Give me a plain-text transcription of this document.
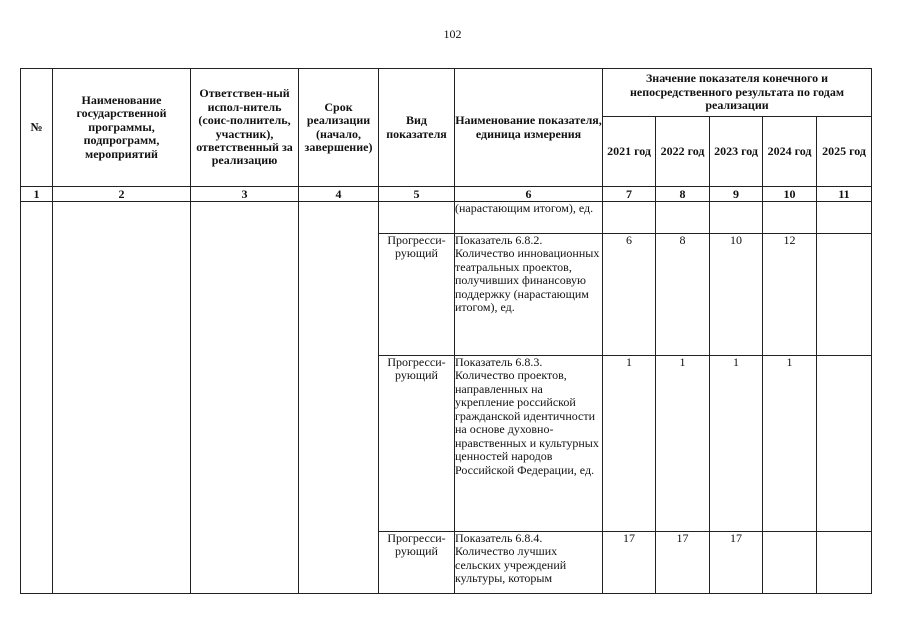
102
№	Наименование государственной программы, подпрограмм, мероприятий	Ответствен-ный испол-нитель (соис-полнитель, участник), ответственный за реализацию	Срок реализации (начало, завершение)	Вид показателя	Наименование показателя, единица измерения	Значение показателя конечного и непосредственного результата по годам реализации				
						2021 год	2022 год	2023 год	2024 год	2025 год
1	2	3	4	5	6	7	8	9	10	11
					(нарастающим итогом), ед.					
				Прогресси-рующий	Показатель 6.8.2. Количество инновационных театральных проектов, получивших финансовую поддержку (нарастающим итогом), ед.	6	8	10	12	
				Прогресси-рующий	Показатель 6.8.3. Количество проектов, направленных на укрепление российской гражданской идентичности на основе духовно-нравственных и культурных ценностей народов Российской Федерации, ед.	1	1	1	1	
				Прогресси-рующий	Показатель 6.8.4. Количество лучших сельских учреждений культуры, которым	17	17	17		
